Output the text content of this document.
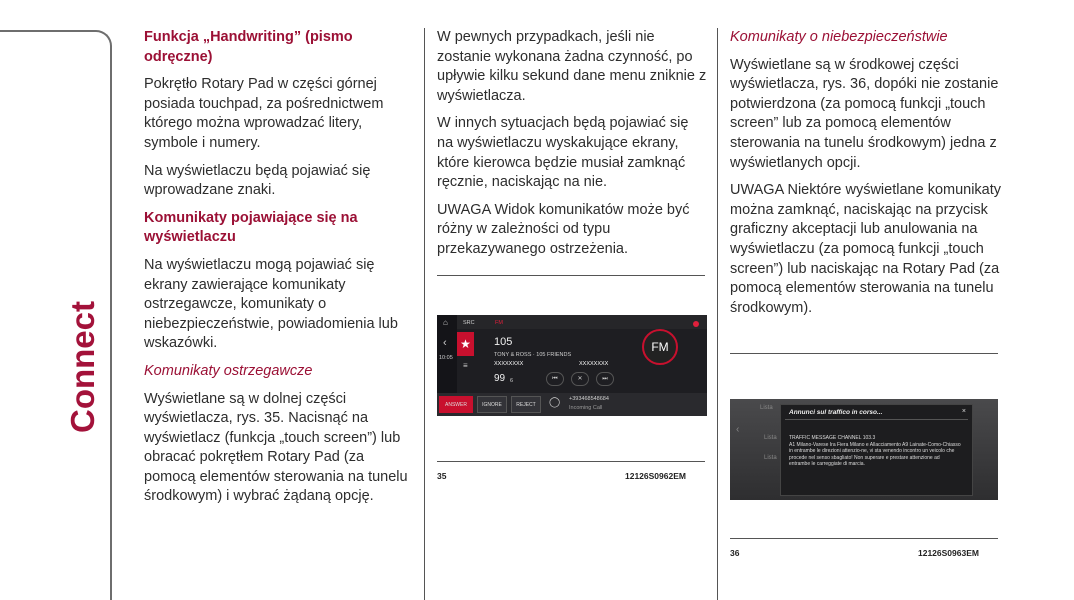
Connect
Funkcja „Handwriting” (pismo odręczne)

Pokrętło Rotary Pad w części górnej posiada touchpad, za pośrednictwem którego można wprowadzać litery, symbole i numery.

Na wyświetlaczu będą pojawiać się wprowadzane znaki.

Komunikaty pojawiające się na wyświetlaczu

Na wyświetlaczu mogą pojawiać się ekrany zawierające komunikaty ostrzegawcze, komunikaty o niebezpieczeństwie, powiadomienia lub wskazówki.

Komunikaty ostrzegawcze

Wyświetlane są w dolnej części wyświetlacza, rys. 35. Nacisnąć na wyświetlacz (funkcja „touch screen”) lub obracać pokrętłem Rotary Pad (za pomocą elementów sterowania na tunelu środkowym) i wybrać żądaną opcję.

W pewnych przypadkach, jeśli nie zostanie wykonana żadna czynność, po upływie kilku sekund dane menu zniknie z wyświetlacza.

W innych sytuacjach będą pojawiać się na wyświetlaczu wyskakujące ekrany, które kierowca będzie musiał zamknąć ręcznie, naciskając na nie.

UWAGA Widok komunikatów może być różny w zależności od typu przekazywanego ostrzeżenia.

⌂	SRC	FM
‹ ★
10:05
≡
105
TONY & ROSS · 105 FRIENDS
XXXXXXXX	XXXXXXXX
99 6	⏮	✕	⏭
FM
ANSWER	IGNORE	REJECT	◯ +393468548684
Incoming Call
35	12126S0962EM
Komunikaty o niebezpieczeństwie

Wyświetlane są w środkowej części wyświetlacza, rys. 36, dopóki nie zostanie potwierdzona (za pomocą funkcji „touch screen” lub za pomocą elementów sterowania na tunelu środkowym) jedna z wyświetlanych opcji.

UWAGA Niektóre wyświetlane komunikaty można zamknąć, naciskając na przycisk graficzny akceptacji lub anulowania na wyświetlaczu (za pomocą funkcji „touch screen”) lub naciskając na Rotary Pad (za pomocą elementów sterowania na tunelu środkowym).

Lista
Lista
Lista
‹
Annunci sul traffico in corso...	×
TRAFFIC MESSAGE CHANNEL 103.3
A1 Milano-Varese Ira Fiera Milano e Allacciamento A9 Lainate-Como-Chiasso in entrambe le direzioni attenzio-ne, vi sta venendo incontro un veicolo che procede nel senso sbagliato! Non superare e prestare attenzione ad entrambe le carreggiate di marcia.
36	12126S0963EM
